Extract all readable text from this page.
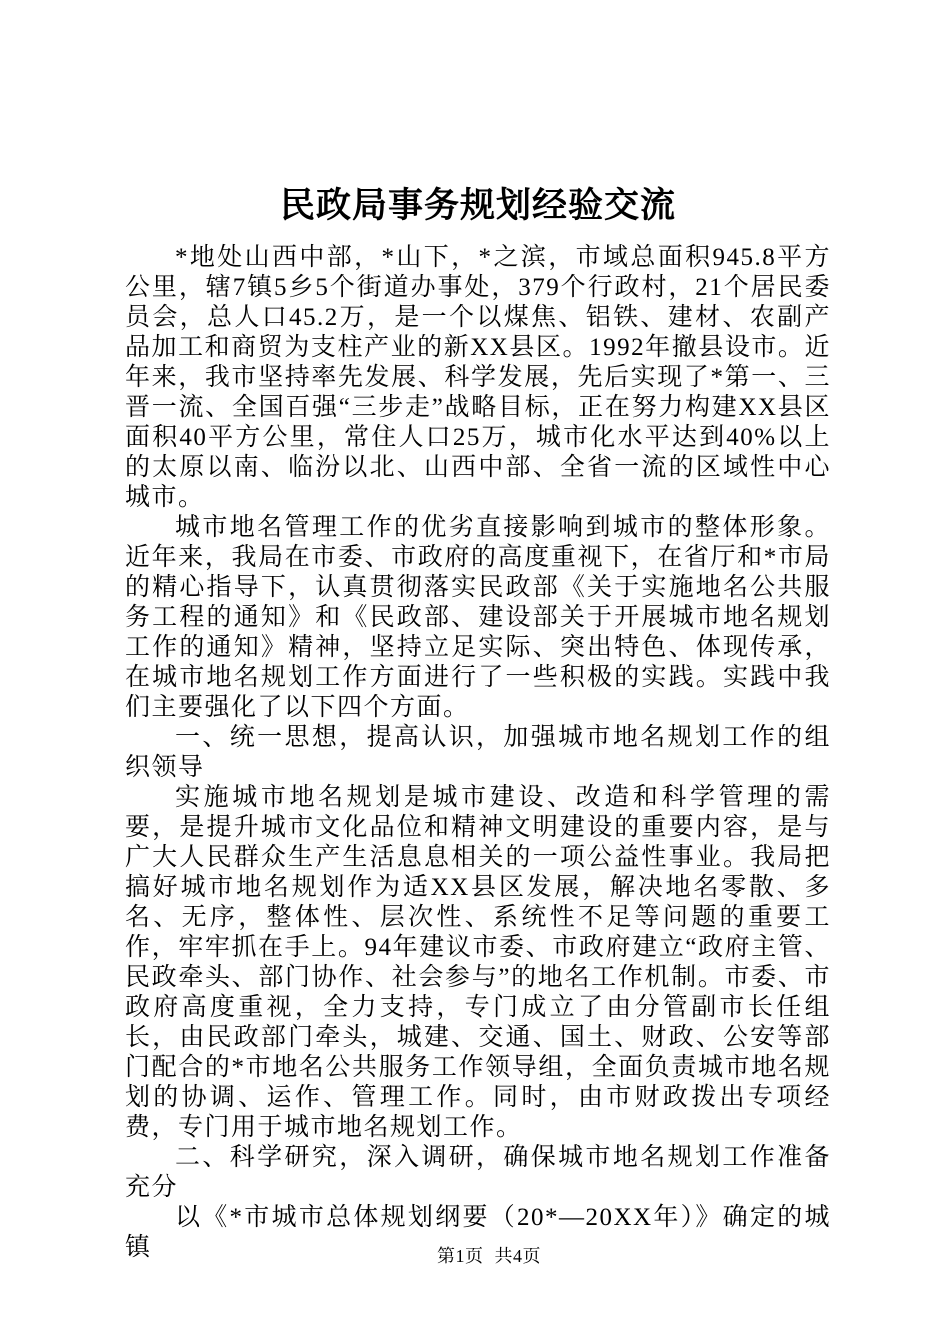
民政局事务规划经验交流

*地处山西中部，*山下，*之滨，市域总面积945.8平方公里，辖7镇5乡5个街道办事处，379个行政村，21个居民委员会，总人口45.2万，是一个以煤焦、铝铁、建材、农副产品加工和商贸为支柱产业的新XX县区。1992年撤县设市。近年来，我市坚持率先发展、科学发展，先后实现了*第一、三晋一流、全国百强“三步走”战略目标，正在努力构建XX县区面积40平方公里，常住人口25万，城市化水平达到40%以上的太原以南、临汾以北、山西中部、全省一流的区域性中心城市。

城市地名管理工作的优劣直接影响到城市的整体形象。近年来，我局在市委、市政府的高度重视下，在省厅和*市局的精心指导下，认真贯彻落实民政部《关于实施地名公共服务工程的通知》和《民政部、建设部关于开展城市地名规划工作的通知》精神，坚持立足实际、突出特色、体现传承，在城市地名规划工作方面进行了一些积极的实践。实践中我们主要强化了以下四个方面。

一、统一思想，提高认识，加强城市地名规划工作的组织领导

实施城市地名规划是城市建设、改造和科学管理的需要，是提升城市文化品位和精神文明建设的重要内容，是与广大人民群众生产生活息息相关的一项公益性事业。我局把搞好城市地名规划作为适XX县区发展，解决地名零散、多名、无序，整体性、层次性、系统性不足等问题的重要工作，牢牢抓在手上。94年建议市委、市政府建立“政府主管、民政牵头、部门协作、社会参与”的地名工作机制。市委、市政府高度重视，全力支持，专门成立了由分管副市长任组长，由民政部门牵头，城建、交通、国土、财政、公安等部门配合的*市地名公共服务工作领导组，全面负责城市地名规划的协调、运作、管理工作。同时，由市财政拨出专项经费，专门用于城市地名规划工作。

二、科学研究，深入调研，确保城市地名规划工作准备充分

以《*市城市总体规划纲要（20*—20XX年）》确定的城镇	第1页 共4页
